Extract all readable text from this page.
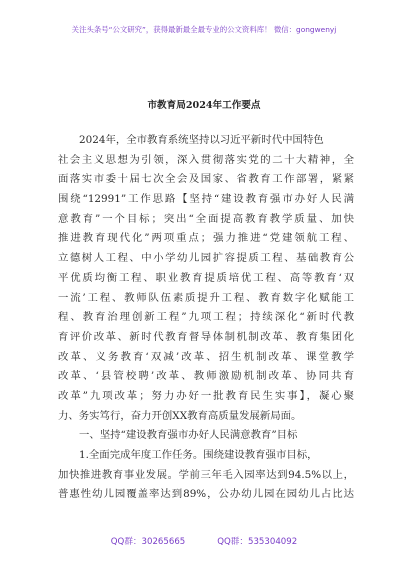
关注头条号“公文研究”，获得最新最全最专业的公文资料库！ 微信：gongwenyj
市教育局2024年工作要点
2024年，全市教育系统坚持以习近平新时代中国特色
社会主义思想为引领，深入贯彻落实党的二十大精神，全
面落实市委十届七次全会及国家、省教育工作部署，紧紧
围绕“12991”工作思路【坚持“建设教育强市办好人民满
意教育”一个目标；突出“全面提高教育教学质量、加快
推进教育现代化”两项重点；强力推进“党建领航工程、
立德树人工程、中小学幼儿园扩容提质工程、基础教育公
平优质均衡工程、职业教育提质培优工程、高等教育‘双
一流’工程、教师队伍素质提升工程、教育数字化赋能工
程、教育治理创新工程”九项工程；持续深化“新时代教
育评价改革、新时代教育督导体制机制改革、教育集团化
改革、义务教育‘双减’改革、招生机制改革、课堂教学
改革、‘县管校聘’改革、教师激励机制改革、协同共育
改革”九项改革；努力办好一批教育民生实事】，凝心聚
力、务实笃行，奋力开创XX教育高质量发展新局面。
一、坚持“建设教育强市办好人民满意教育”目标
1.全面完成年度工作任务。围绕建设教育强市目标，
加快推进教育事业发展。学前三年毛入园率达到94.5%以上，
普惠性幼儿园覆盖率达到89%，公办幼儿园在园幼儿占比达
QQ群：30265665	QQ群：535304092
